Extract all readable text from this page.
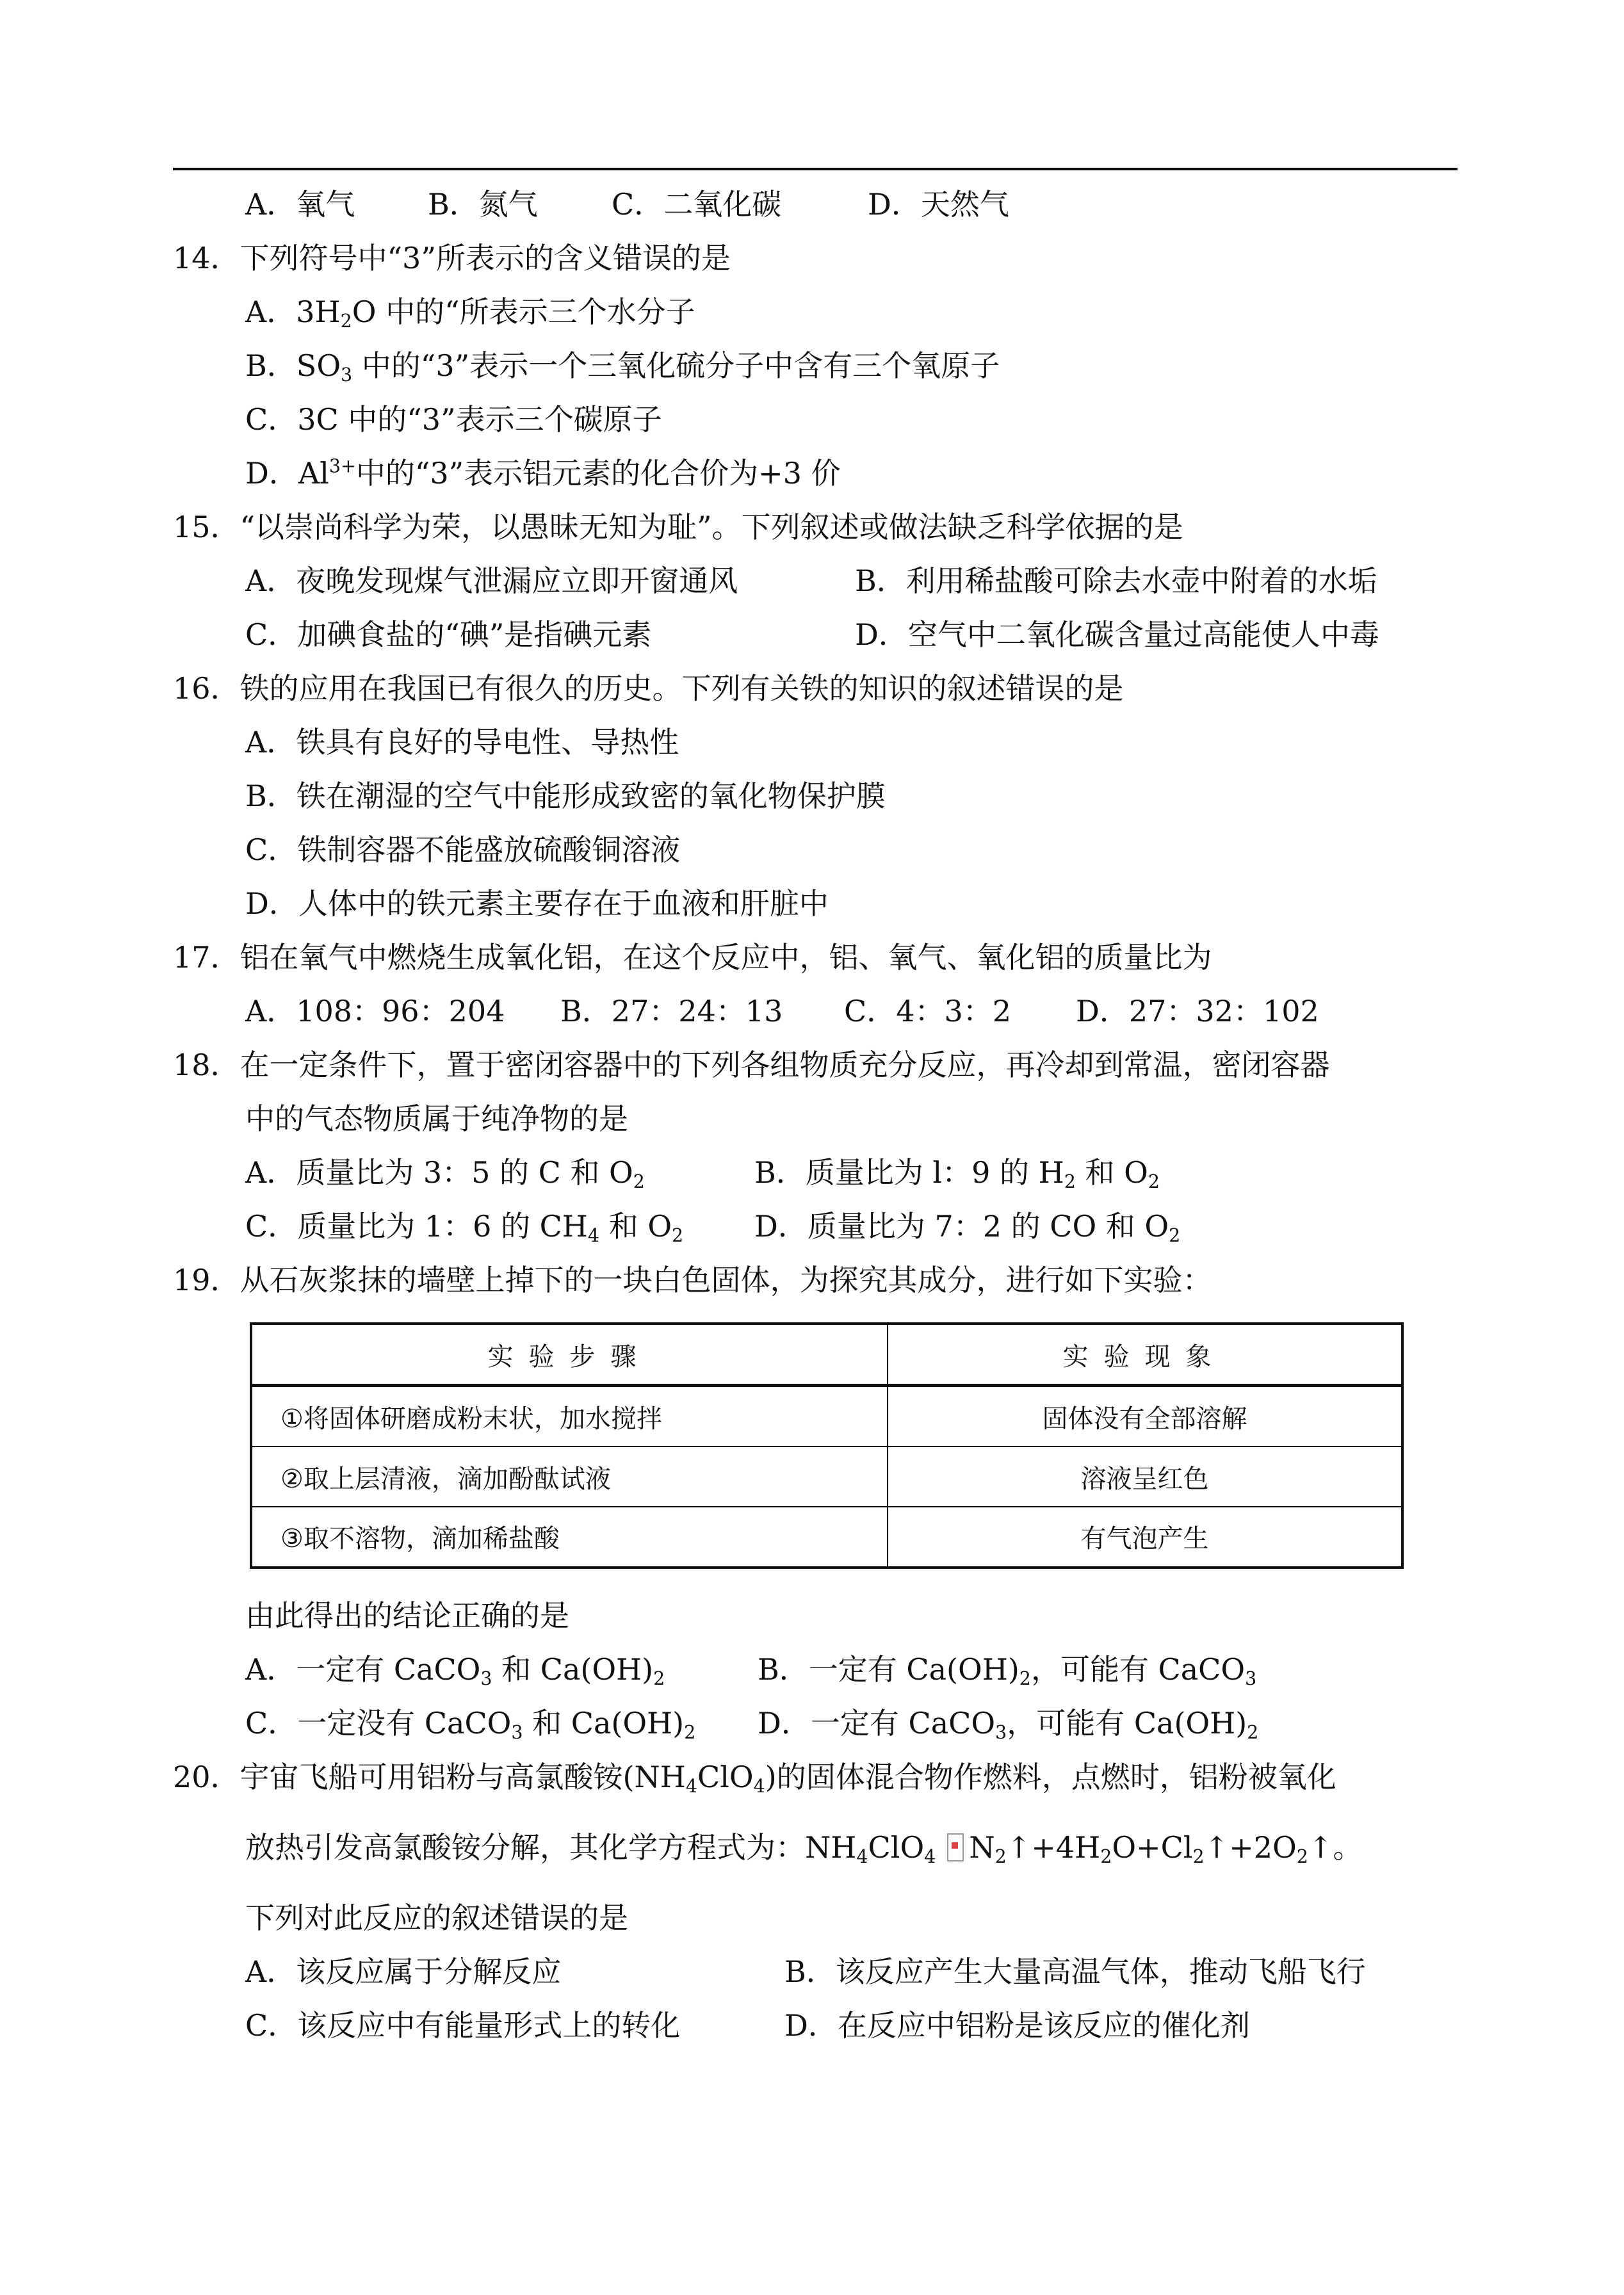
A．氧气 B．氮气	C．二氧化碳	D．天然气
14．下列符号中“3”所表示的含义错误的是
A．$3H_2O$ 中的“所表示三个水分子
B．$SO_3$ 中的“3”表示一个三氧化硫分子中含有三个氧原子
C．3C 中的“3”表示三个碳原子
D．$Al^{3+}$中的“3”表示铝元素的化合价为+3 价
15．“以崇尚科学为荣，以愚昧无知为耻”。下列叙述或做法缺乏科学依据的是
A．夜晚发现煤气泄漏应立即开窗通风	B．利用稀盐酸可除去水壶中附着的水垢
C．加碘食盐的“碘”是指碘元素	D．空气中二氧化碳含量过高能使人中毒
16．铁的应用在我国已有很久的历史。下列有关铁的知识的叙述错误的是
A．铁具有良好的导电性、导热性
B．铁在潮湿的空气中能形成致密的氧化物保护膜
C．铁制容器不能盛放硫酸铜溶液
D．人体中的铁元素主要存在于血液和肝脏中
17．铝在氧气中燃烧生成氧化铝，在这个反应中，铝、氧气、氧化铝的质量比为
A．108：96：204 B．27：24：13 C．4：3：2 D．27：32：102
18．在一定条件下，置于密闭容器中的下列各组物质充分反应，再冷却到常温，密闭容器
中的气态物质属于纯净物的是
A．质量比为 3：5 的 C 和 $O_2$	B．质量比为 l：9 的 $H_2$ 和 $O_2$
C．质量比为 1：6 的 $CH_4$ 和 $O_2$ D．质量比为 7：2 的 CO 和 $O_2$
19．从石灰浆抹的墙壁上掉下的一块白色固体，为探究其成分，进行如下实验：
实验步骤	实验现象
①将固体研磨成粉末状，加水搅拌	固体没有全部溶解
②取上层清液，滴加酚酞试液	溶液呈红色
③取不溶物，滴加稀盐酸	有气泡产生
由此得出的结论正确的是
A．一定有 CaCO$_3$ 和 $Ca(OH)_2$	B．一定有 $Ca(OH)_2$，可能有 CaCO$_3$
C．一定没有 CaCO$_3$ 和 $Ca(OH)_2$ D．一定有 CaCO$_3$，可能有 $Ca(OH)_2$
20．宇宙飞船可用铝粉与高氯酸铵$(NH_4ClO_4)$的固体混合物作燃料，点燃时，铝粉被氧化
放热引发高氯酸铵分解，其化学方程式为：$NH_4ClO_4$ $N_2↑+4H_2O+Cl_2↑+2O_2↑$。
下列对此反应的叙述错误的是
A．该反应属于分解反应	B．该反应产生大量高温气体，推动飞船飞行
C．该反应中有能量形式上的转化	D．在反应中铝粉是该反应的催化剂
